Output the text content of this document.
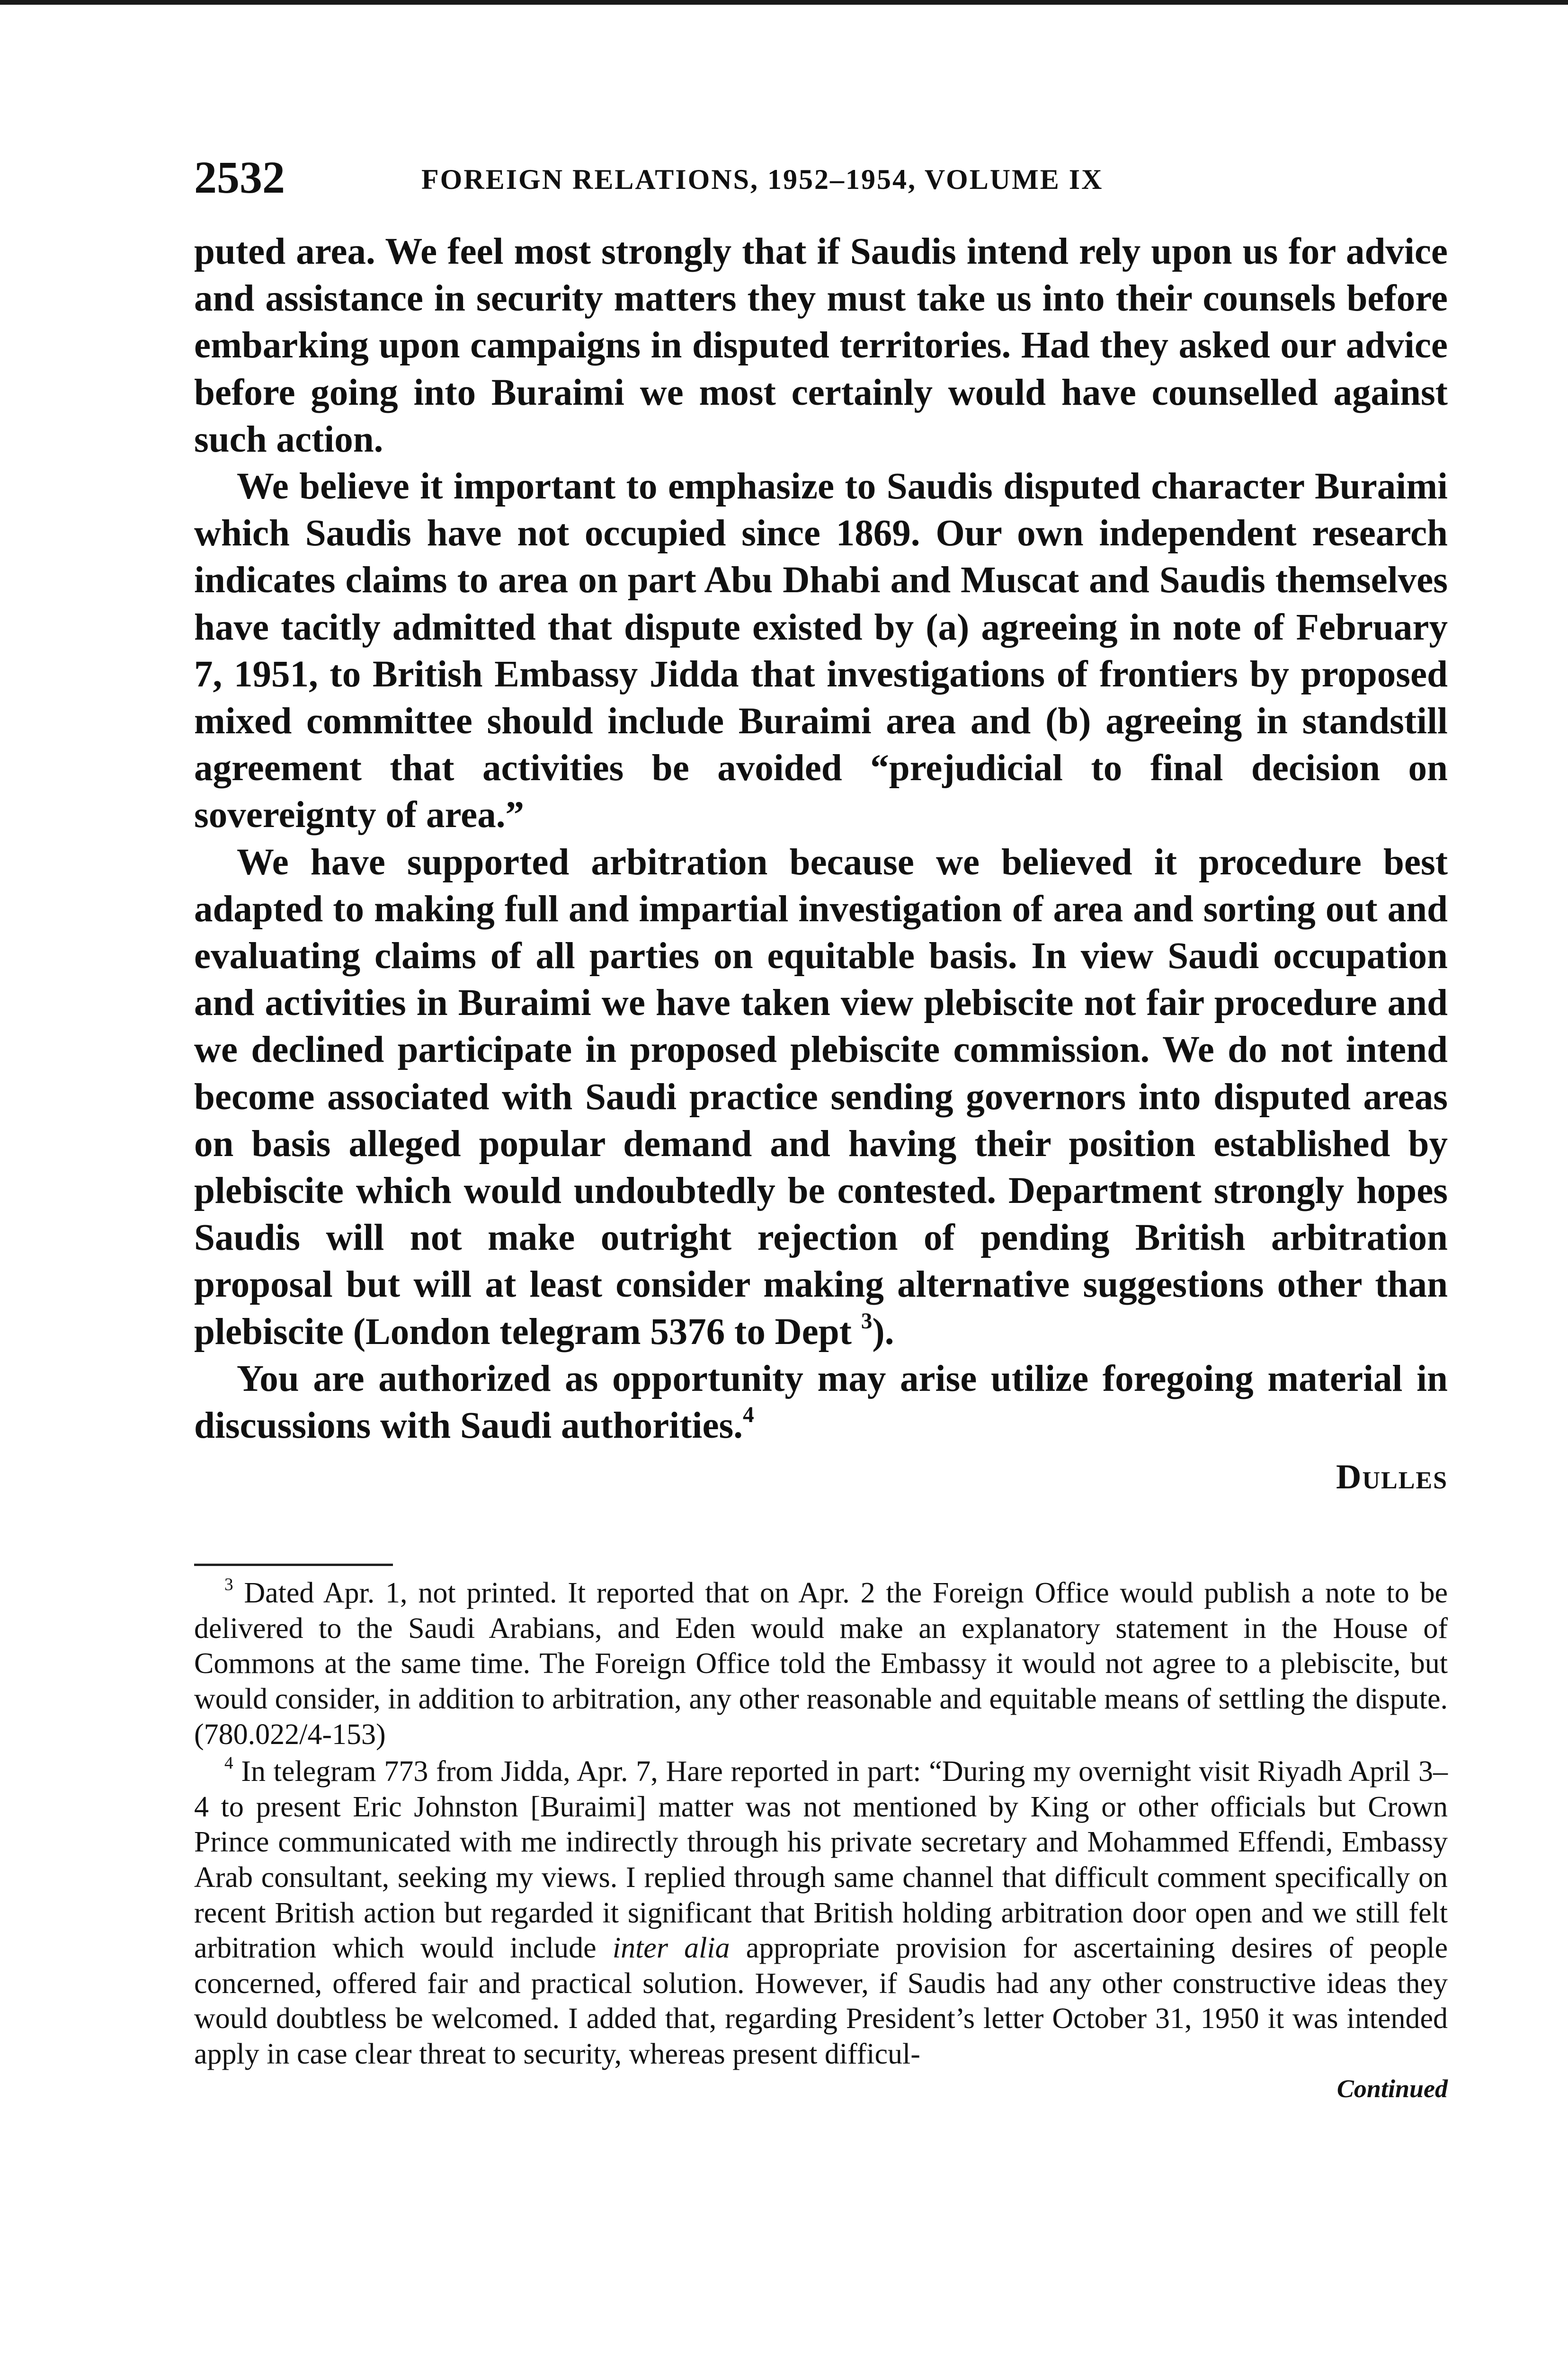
2532	FOREIGN RELATIONS, 1952–1954, VOLUME IX

puted area. We feel most strongly that if Saudis intend rely upon us for advice and assistance in security matters they must take us into their counsels before embarking upon campaigns in disputed territories. Had they asked our advice before going into Buraimi we most certainly would have counselled against such action.

We believe it important to emphasize to Saudis disputed character Buraimi which Saudis have not occupied since 1869. Our own independent research indicates claims to area on part Abu Dhabi and Muscat and Saudis themselves have tacitly admitted that dispute existed by (a) agreeing in note of February 7, 1951, to British Embassy Jidda that investigations of frontiers by proposed mixed committee should include Buraimi area and (b) agreeing in standstill agreement that activities be avoided “prejudicial to final decision on sovereignty of area.”

We have supported arbitration because we believed it procedure best adapted to making full and impartial investigation of area and sorting out and evaluating claims of all parties on equitable basis. In view Saudi occupation and activities in Buraimi we have taken view plebiscite not fair procedure and we declined participate in proposed plebiscite commission. We do not intend become associated with Saudi practice sending governors into disputed areas on basis alleged popular demand and having their position established by plebiscite which would undoubtedly be contested. Department strongly hopes Saudis will not make outright rejection of pending British arbitration proposal but will at least consider making alternative suggestions other than plebiscite (London telegram 5376 to Dept $^3$).

You are authorized as opportunity may arise utilize foregoing material in discussions with Saudi authorities.$^4$

Dulles

$^3$ Dated Apr. 1, not printed. It reported that on Apr. 2 the Foreign Office would publish a note to be delivered to the Saudi Arabians, and Eden would make an explanatory statement in the House of Commons at the same time. The Foreign Office told the Embassy it would not agree to a plebiscite, but would consider, in addition to arbitration, any other reasonable and equitable means of settling the dispute. (780.022/4-153)

$^4$ In telegram 773 from Jidda, Apr. 7, Hare reported in part: “During my overnight visit Riyadh April 3–4 to present Eric Johnston [Buraimi] matter was not mentioned by King or other officials but Crown Prince communicated with me indirectly through his private secretary and Mohammed Effendi, Embassy Arab consultant, seeking my views. I replied through same channel that difficult comment specifically on recent British action but regarded it significant that British holding arbitration door open and we still felt arbitration which would include inter alia appropriate provision for ascertaining desires of people concerned, offered fair and practical solution. However, if Saudis had any other constructive ideas they would doubtless be welcomed. I added that, regarding President’s letter October 31, 1950 it was intended apply in case clear threat to security, whereas present difficul-

Continued
